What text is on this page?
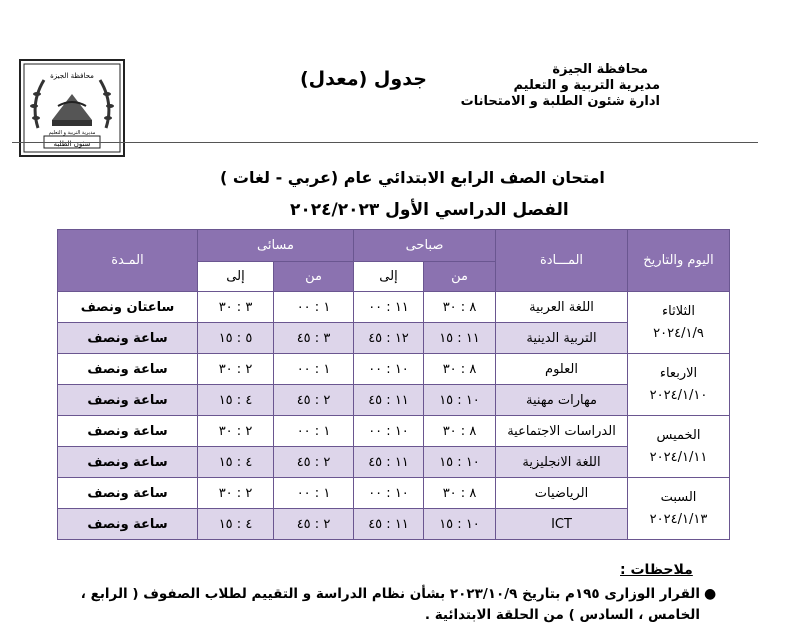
محافظة الجيزة
مديرية التربية و التعليم
شئون الطلبة
محافظة الجيزة
مديرية التربية و التعليم
ادارة شئون الطلبة و الامتحانات
جدول (معدل)
امتحان الصف الرابع الابتدائي عام (عربي - لغات )
الفصل الدراسي الأول ٢٠٢٤/٢٠٢٣
اليوم والتاريخ	المـــادة	صباحى		مسائى		المـدة
		من	إلى	من	إلى	

الثلاثاء
٢٠٢٤/١/٩	اللغة العربية	٨ : ٣٠	١١ : ٠٠	١ : ٠٠	٣ : ٣٠	ساعتان ونصف
	التربية الدينية	١١ : ١٥	١٢ : ٤٥	٣ : ٤٥	٥ : ١٥	ساعة ونصف

الاربعاء
٢٠٢٤/١/١٠	العلوم	٨ : ٣٠	١٠ : ٠٠	١ : ٠٠	٢ : ٣٠	ساعة ونصف
	مهارات مهنية	١٠ : ١٥	١١ : ٤٥	٢ : ٤٥	٤ : ١٥	ساعة ونصف

الخميس
٢٠٢٤/١/١١	الدراسات الاجتماعية	٨ : ٣٠	١٠ : ٠٠	١ : ٠٠	٢ : ٣٠	ساعة ونصف
	اللغة الانجليزية	١٠ : ١٥	١١ : ٤٥	٢ : ٤٥	٤ : ١٥	ساعة ونصف

السبت
٢٠٢٤/١/١٣	الرياضيات	٨ : ٣٠	١٠ : ٠٠	١ : ٠٠	٢ : ٣٠	ساعة ونصف
	ICT	١٠ : ١٥	١١ : ٤٥	٢ : ٤٥	٤ : ١٥	ساعة ونصف
ملاحظات :
●
القرار الوزارى ١٩٥م بتاريخ ٢٠٢٣/١٠/٩ بشأن نظام الدراسة و التقييم لطلاب الصفوف ( الرابع ، الخامس ، السادس ) من الحلقة الابتدائية .
